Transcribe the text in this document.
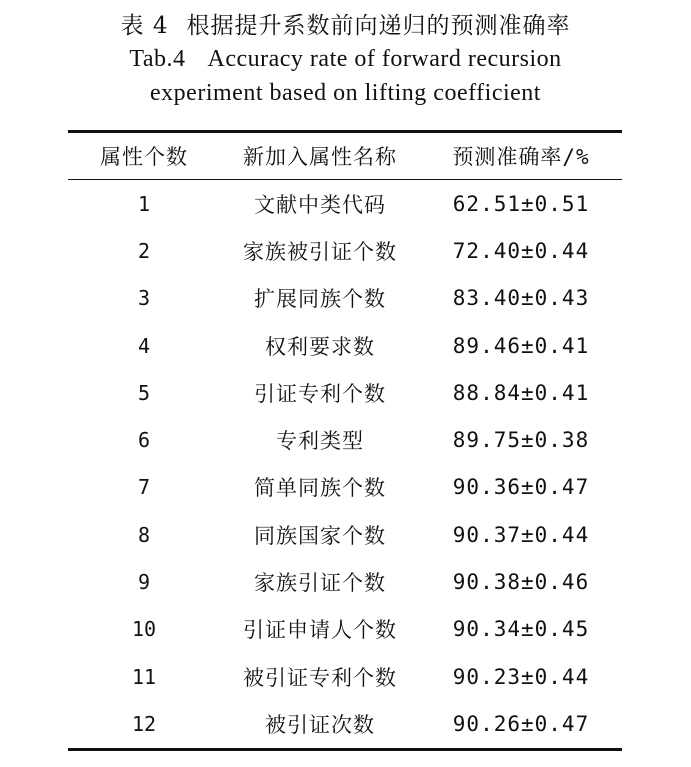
表 4 根据提升系数前向递归的预测准确率
Tab.4 Accuracy rate of forward recursion
experiment based on lifting coefficient
属性个数	新加入属性名称	预测准确率/%
1	文献中类代码	62.51±0.51
2	家族被引证个数	72.40±0.44
3	扩展同族个数	83.40±0.43
4	权利要求数	89.46±0.41
5	引证专利个数	88.84±0.41
6	专利类型	89.75±0.38
7	简单同族个数	90.36±0.47
8	同族国家个数	90.37±0.44
9	家族引证个数	90.38±0.46
10	引证申请人个数	90.34±0.45
11	被引证专利个数	90.23±0.44
12	被引证次数	90.26±0.47
